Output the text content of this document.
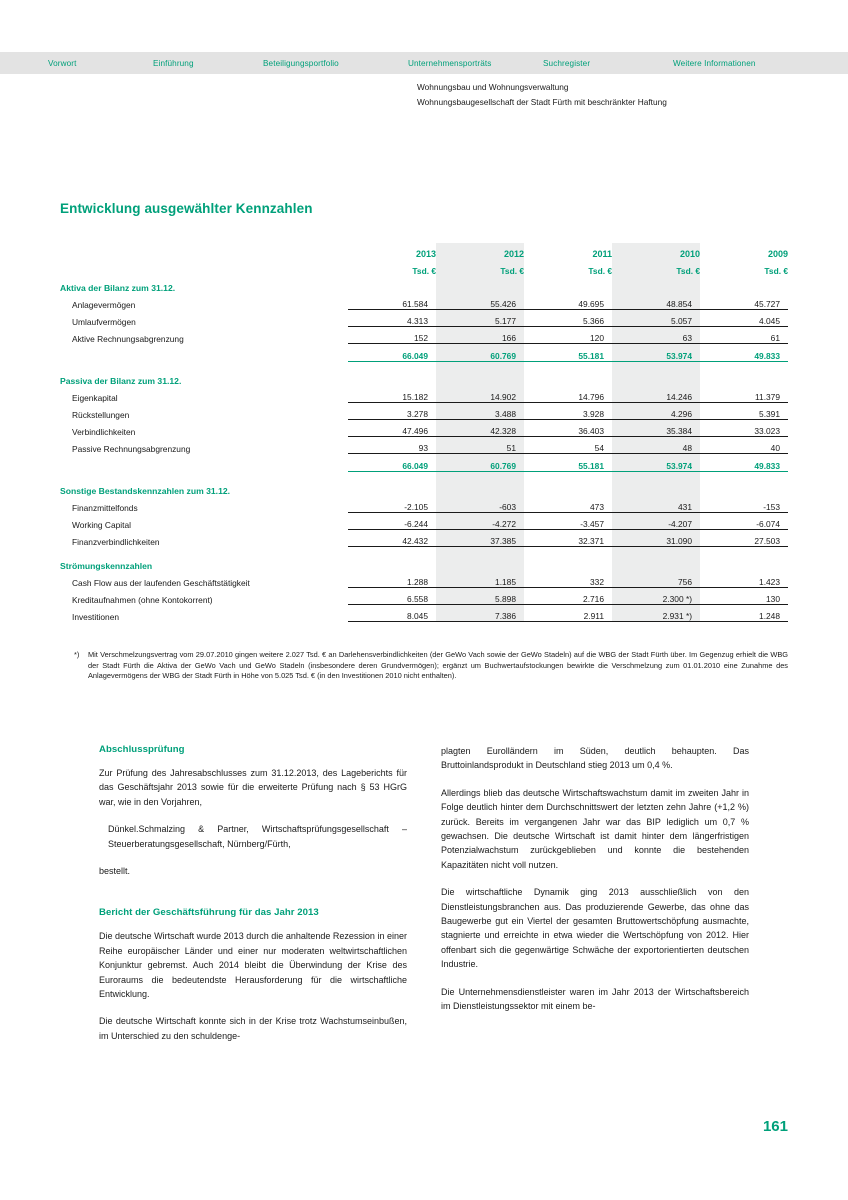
Vorwort	Einführung	Beteiligungsportfolio	Unternehmensporträts	Suchregister	Weitere Informationen
Wohnungsbau und Wohnungsverwaltung
Wohnungsbaugesellschaft der Stadt Fürth mit beschränkter Haftung
Entwicklung ausgewählter Kennzahlen
	2013	2012	2011	2010	2009
	Tsd. €	Tsd. €	Tsd. €	Tsd. €	Tsd. €
Aktiva der Bilanz zum 31.12.					
Anlagevermögen	61.584	55.426	49.695	48.854	45.727
Umlaufvermögen	4.313	5.177	5.366	5.057	4.045
Aktive Rechnungsabgrenzung	152	166	120	63	61
	66.049	60.769	55.181	53.974	49.833

Passiva der Bilanz zum 31.12.					
Eigenkapital	15.182	14.902	14.796	14.246	11.379
Rückstellungen	3.278	3.488	3.928	4.296	5.391
Verbindlichkeiten	47.496	42.328	36.403	35.384	33.023
Passive Rechnungsabgrenzung	93	51	54	48	40
	66.049	60.769	55.181	53.974	49.833

Sonstige Bestandskennzahlen zum 31.12.					
Finanzmittelfonds	-2.105	-603	473	431	-153
Working Capital	-6.244	-4.272	-3.457	-4.207	-6.074
Finanzverbindlichkeiten	42.432	37.385	32.371	31.090	27.503

Strömungskennzahlen					
Cash Flow aus der laufenden Geschäftstätigkeit	1.288	1.185	332	756	1.423
Kreditaufnahmen (ohne Kontokorrent)	6.558	5.898	2.716	2.300 *)	130
Investitionen	8.045	7.386	2.911	2.931 *)	1.248
*) Mit Verschmelzungsvertrag vom 29.07.2010 gingen weitere 2.027 Tsd. € an Darlehensverbindlichkeiten (der GeWo Vach sowie der GeWo Stadeln) auf die WBG der Stadt Fürth über. Im Gegenzug erhielt die WBG der Stadt Fürth die Aktiva der GeWo Vach und GeWo Stadeln (insbesondere deren Grundvermögen); ergänzt um Buchwertaufstockungen bewirkte die Verschmelzung zum 01.01.2010 eine Zunahme des Anlagevermögens der WBG der Stadt Fürth in Höhe von 5.025 Tsd. € (in den Investitionen 2010 nicht enthalten).
Abschlussprüfung

Zur Prüfung des Jahresabschlusses zum 31.12.2013, des Lageberichts für das Geschäftsjahr 2013 sowie für die erweiterte Prüfung nach § 53 HGrG war, wie in den Vorjahren,

Dünkel.Schmalzing & Partner, Wirtschaftsprüfungsgesellschaft – Steuerberatungsgesellschaft, Nürnberg/Fürth,

bestellt.

Bericht der Geschäftsführung für das Jahr 2013

Die deutsche Wirtschaft wurde 2013 durch die anhaltende Rezession in einer Reihe europäischer Länder und einer nur moderaten weltwirtschaftlichen Konjunktur gebremst. Auch 2014 bleibt die Überwindung der Krise des Euroraums die bedeutendste Herausforderung für die wirtschaftliche Entwicklung.

Die deutsche Wirtschaft konnte sich in der Krise trotz Wachstumseinbußen, im Unterschied zu den schuldenge-

plagten Eurolländern im Süden, deutlich behaupten. Das Bruttoinlandsprodukt in Deutschland stieg 2013 um 0,4 %.

Allerdings blieb das deutsche Wirtschaftswachstum damit im zweiten Jahr in Folge deutlich hinter dem Durchschnittswert der letzten zehn Jahre (+1,2 %) zurück. Bereits im vergangenen Jahr war das BIP lediglich um 0,7 % gewachsen. Die deutsche Wirtschaft ist damit hinter dem längerfristigen Potenzialwachstum zurückgeblieben und konnte die bestehenden Kapazitäten nicht voll nutzen.

Die wirtschaftliche Dynamik ging 2013 ausschließlich von den Dienstleistungsbranchen aus. Das produzierende Gewerbe, das ohne das Baugewerbe gut ein Viertel der gesamten Bruttowertschöpfung ausmachte, stagnierte und erreichte in etwa wieder die Wertschöpfung von 2012. Hier offenbart sich die gegenwärtige Schwäche der exportorientierten deutschen Industrie.

Die Unternehmensdienstleister waren im Jahr 2013 der Wirtschaftsbereich im Dienstleistungssektor mit einem be-

161
